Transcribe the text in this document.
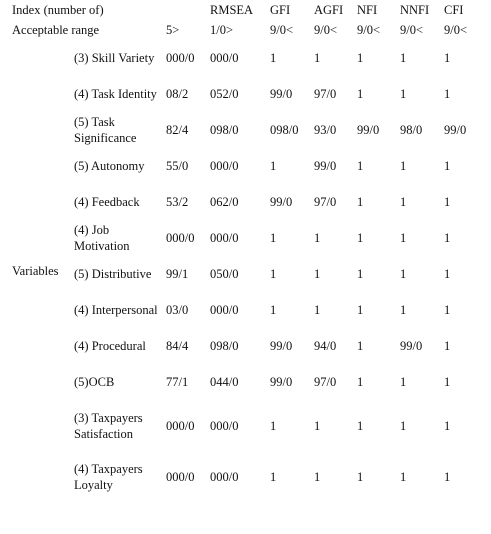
Index (number of)			RMSEA	GFI	AGFI	NFI	NNFI	CFI
Acceptable range		5>	1/0>	9/0<	9/0<	9/0<	9/0<	9/0<
Variables	(3) Skill Variety	000/0	000/0	1	1	1	1	1
	(4) Task Identity	08/2	052/0	99/0	97/0	1	1	1
	(5) Task Significance	82/4	098/0	098/0	93/0	99/0	98/0	99/0
	(5) Autonomy	55/0	000/0	1	99/0	1	1	1
	(4) Feedback	53/2	062/0	99/0	97/0	1	1	1
	(4) Job Motivation	000/0	000/0	1	1	1	1	1
	(5) Distributive	99/1	050/0	1	1	1	1	1
	(4) Interpersonal	03/0	000/0	1	1	1	1	1
	(4) Procedural	84/4	098/0	99/0	94/0	1	99/0	1
	(5)OCB	77/1	044/0	99/0	97/0	1	1	1
	(3) Taxpayers Satisfaction	000/0	000/0	1	1	1	1	1
	(4) Taxpayers Loyalty	000/0	000/0	1	1	1	1	1
